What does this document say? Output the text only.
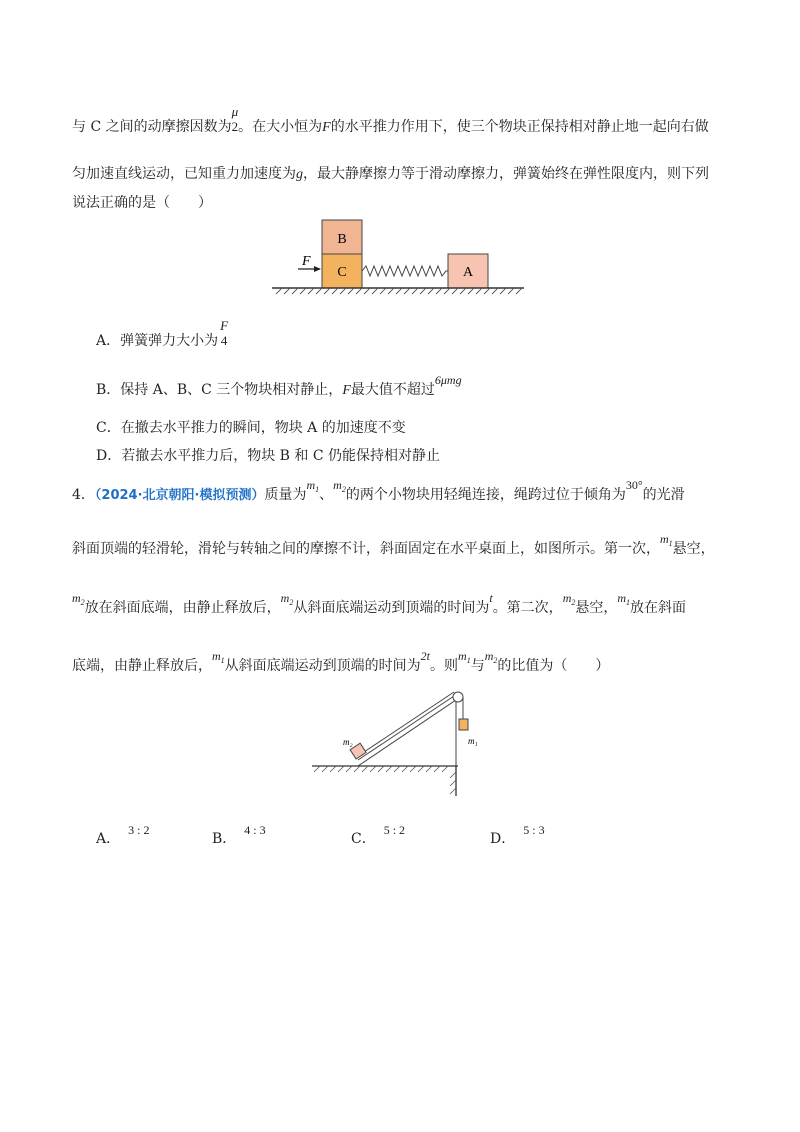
与 C 之间的动摩擦因数为
μ
2 。在大小恒为F的水平推力作用下，使三个物块正保持相对静止地一起向右做
匀加速直线运动，已知重力加速度为g，最大静摩擦力等于滑动摩擦力，弹簧始终在弹性限度内，则下列
说法正确的是（　　）
B
C	A
F
A．弹簧弹力大小为
F
4
B．保持 A、B、C 三个物块相对静止，F最大值不超过6μmg
C．在撤去水平推力的瞬间，物块 A 的加速度不变
D．若撤去水平推力后，物块 B 和 C 仍能保持相对静止
4．（2024·北京朝阳·模拟预测）质量为$m_1$、$m_2$的两个小物块用轻绳连接，绳跨过位于倾角为30°的光滑
斜面顶端的轻滑轮，滑轮与转轴之间的摩擦不计，斜面固定在水平桌面上，如图所示。第一次，$m_1$悬空，
$m_2$放在斜面底端，由静止释放后，$m_2$从斜面底端运动到顶端的时间为t。第二次，$m_2$悬空，$m_1$放在斜面
底端，由静止释放后，$m_1$从斜面底端运动到顶端的时间为2t。则$m_1$与$m_2$的比值为（　　）
m₁
m₂
A．3 : 2
B．4 : 3
C．5 : 2
D．5 : 3
